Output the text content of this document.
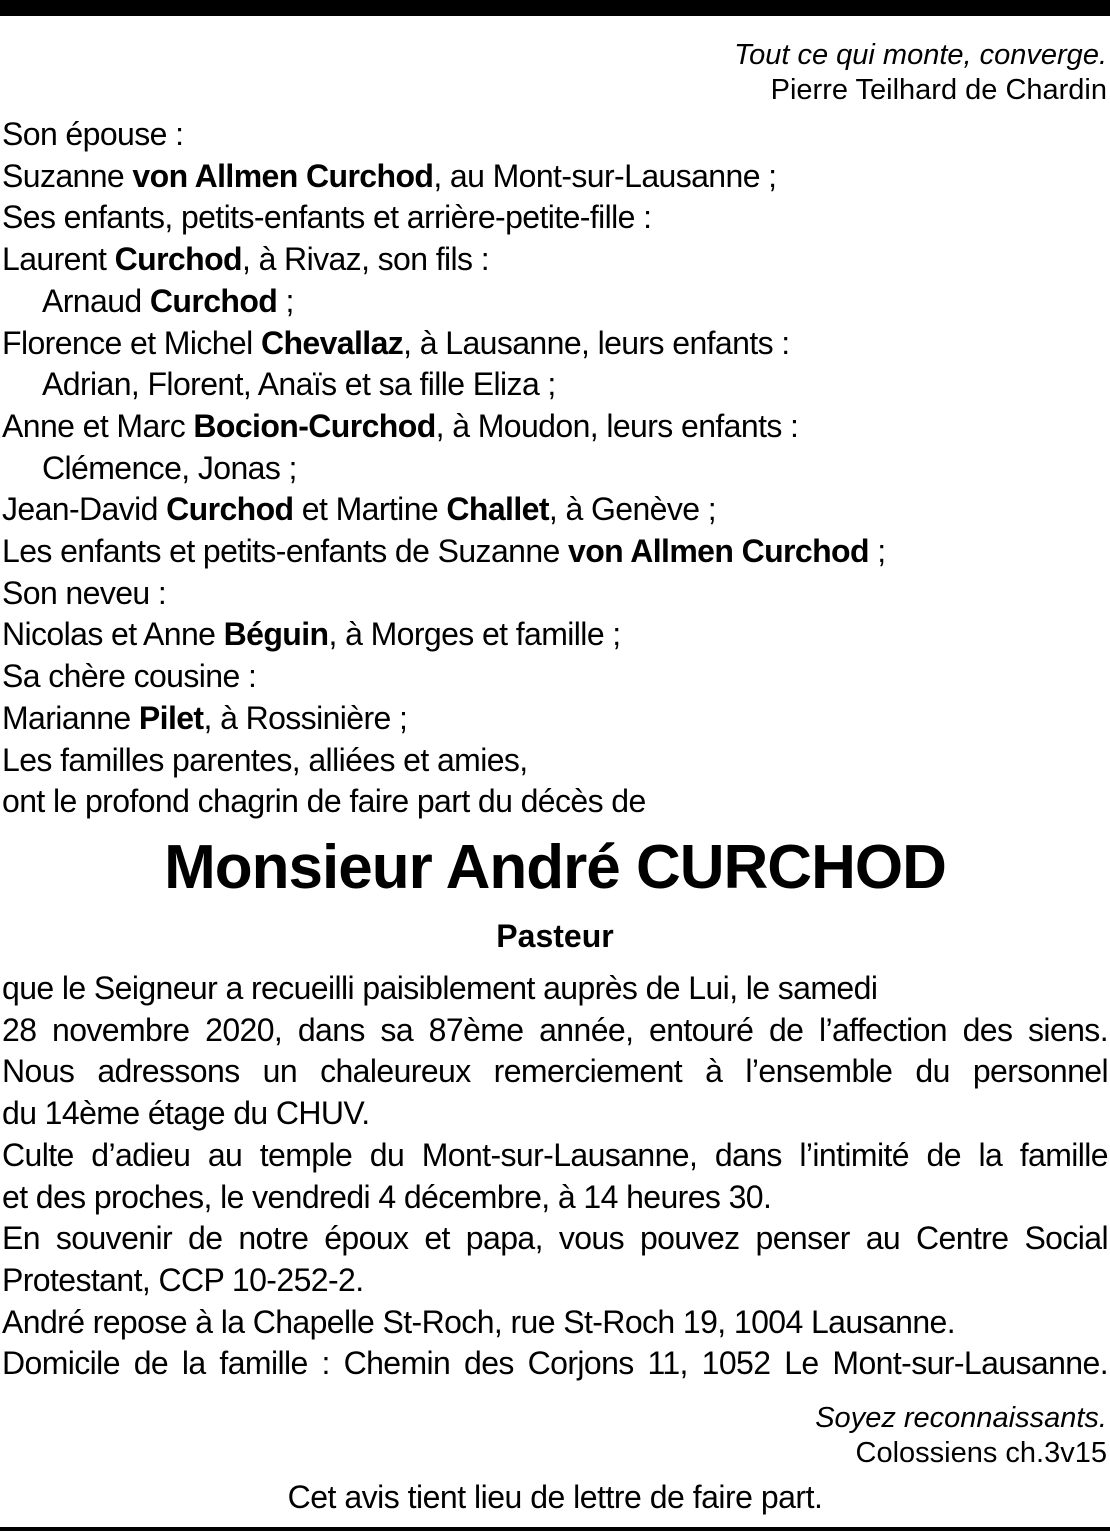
Tout ce qui monte, converge.
Pierre Teilhard de Chardin
Son épouse :
Suzanne von Allmen Curchod, au Mont-sur-Lausanne ;
Ses enfants, petits-enfants et arrière-petite-fille :
Laurent Curchod, à Rivaz, son fils :
Arnaud Curchod ;
Florence et Michel Chevallaz, à Lausanne, leurs enfants :
Adrian, Florent, Anaïs et sa fille Eliza ;
Anne et Marc Bocion-Curchod, à Moudon, leurs enfants :
Clémence, Jonas ;
Jean-David Curchod et Martine Challet, à Genève ;
Les enfants et petits-enfants de Suzanne von Allmen Curchod ;
Son neveu :
Nicolas et Anne Béguin, à Morges et famille ;
Sa chère cousine :
Marianne Pilet, à Rossinière ;
Les familles parentes, alliées et amies,
ont le profond chagrin de faire part du décès de
Monsieur André CURCHOD
Pasteur
que le Seigneur a recueilli paisiblement auprès de Lui, le samedi
28 novembre 2020, dans sa 87ème année, entouré de l’affection des siens.
Nous adressons un chaleureux remerciement à l’ensemble du personnel
du 14ème étage du CHUV.
Culte d’adieu au temple du Mont-sur-Lausanne, dans l’intimité de la famille
et des proches, le vendredi 4 décembre, à 14 heures 30.
En souvenir de notre époux et papa, vous pouvez penser au Centre Social
Protestant, CCP 10-252-2.
André repose à la Chapelle St-Roch, rue St-Roch 19, 1004 Lausanne.
Domicile de la famille : Chemin des Corjons 11, 1052 Le Mont-sur-Lausanne.
Soyez reconnaissants.
Colossiens ch.3v15
Cet avis tient lieu de lettre de faire part.
